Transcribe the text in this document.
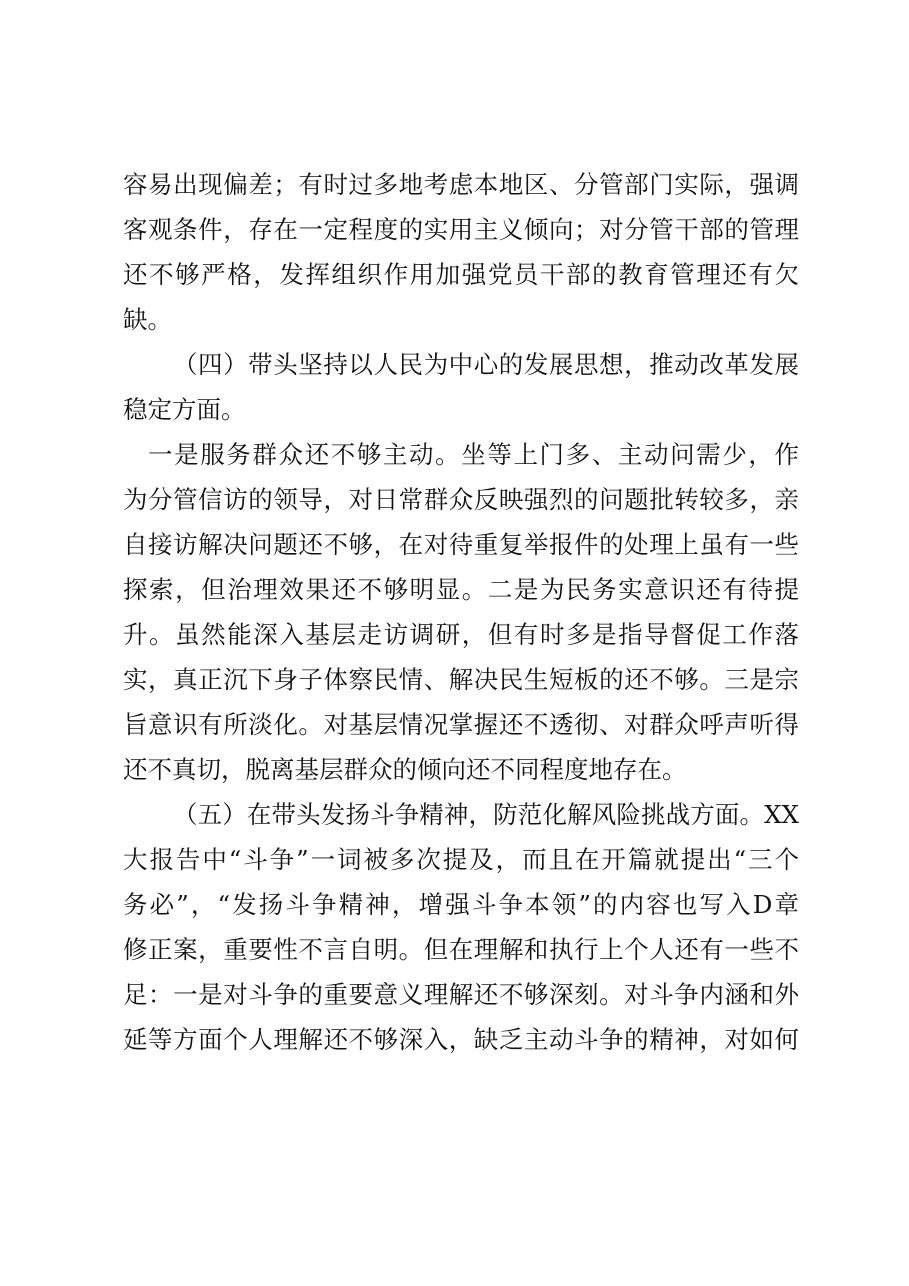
容易出现偏差；有时过多地考虑本地区、分管部门实际，强调
客观条件，存在一定程度的实用主义倾向；对分管干部的管理
还不够严格，发挥组织作用加强党员干部的教育管理还有欠
缺。
（四）带头坚持以人民为中心的发展思想，推动改革发展
稳定方面。
一是服务群众还不够主动。坐等上门多、主动问需少，作
为分管信访的领导，对日常群众反映强烈的问题批转较多，亲
自接访解决问题还不够，在对待重复举报件的处理上虽有一些
探索，但治理效果还不够明显。二是为民务实意识还有待提
升。虽然能深入基层走访调研，但有时多是指导督促工作落
实，真正沉下身子体察民情、解决民生短板的还不够。三是宗
旨意识有所淡化。对基层情况掌握还不透彻、对群众呼声听得
还不真切，脱离基层群众的倾向还不同程度地存在。
（五）在带头发扬斗争精神，防范化解风险挑战方面。XX
大报告中“斗争”一词被多次提及，而且在开篇就提出“三个
务必”，“发扬斗争精神，增强斗争本领”的内容也写入D章
修正案，重要性不言自明。但在理解和执行上个人还有一些不
足：一是对斗争的重要意义理解还不够深刻。对斗争内涵和外
延等方面个人理解还不够深入，缺乏主动斗争的精神，对如何
